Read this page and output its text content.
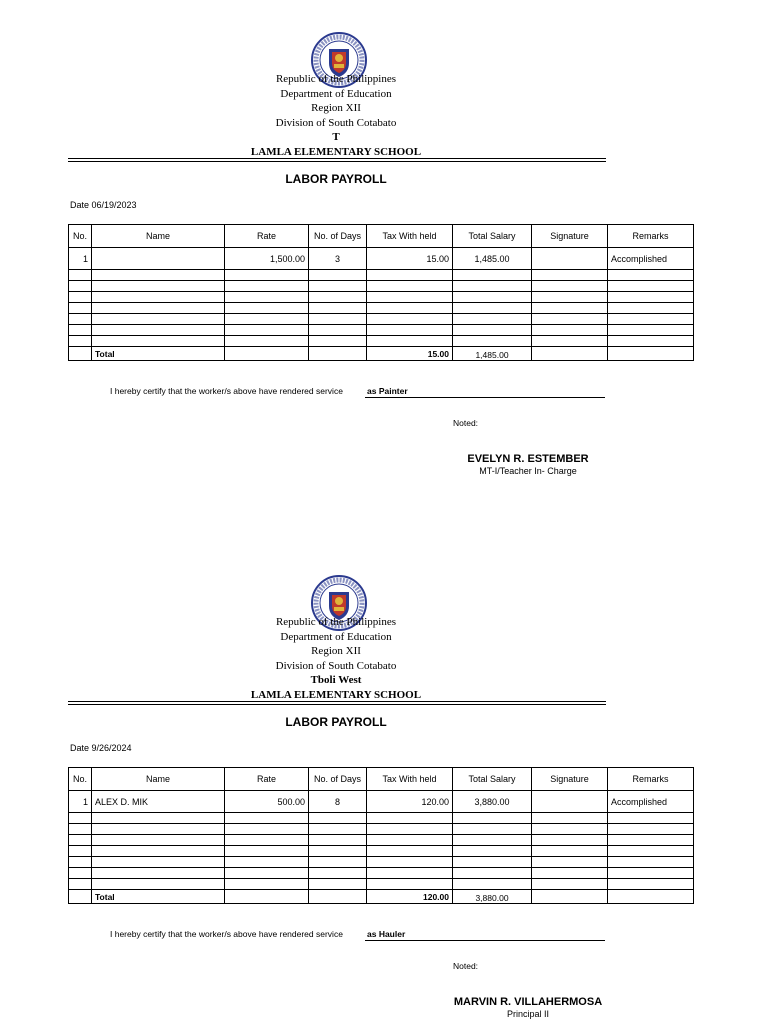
Republic of the Philippines
Department of Education
Region XII
Division of South Cotabato
T
LAMLA ELEMENTARY SCHOOL
LABOR PAYROLL
Date 06/19/2023
No.	Name	Rate	No. of Days	Tax With held	Total Salary	Signature	Remarks
1		1,500.00	3	15.00	1,485.00		Accomplished

	Total			15.00	1,485.00		
I hereby certify that the worker/s above have rendered service	as Painter
Noted:
EVELYN R. ESTEMBER
MT-I/Teacher In- Charge
Republic of the Philippines
Department of Education
Region XII
Division of South Cotabato
Tboli West
LAMLA ELEMENTARY SCHOOL
LABOR PAYROLL
Date 9/26/2024
No.	Name	Rate	No. of Days	Tax With held	Total Salary	Signature	Remarks
1	ALEX D. MIK	500.00	8	120.00	3,880.00		Accomplished

	Total			120.00	3,880.00		
I hereby certify that the worker/s above have rendered service	as Hauler
Noted:
MARVIN R. VILLAHERMOSA
Principal II
